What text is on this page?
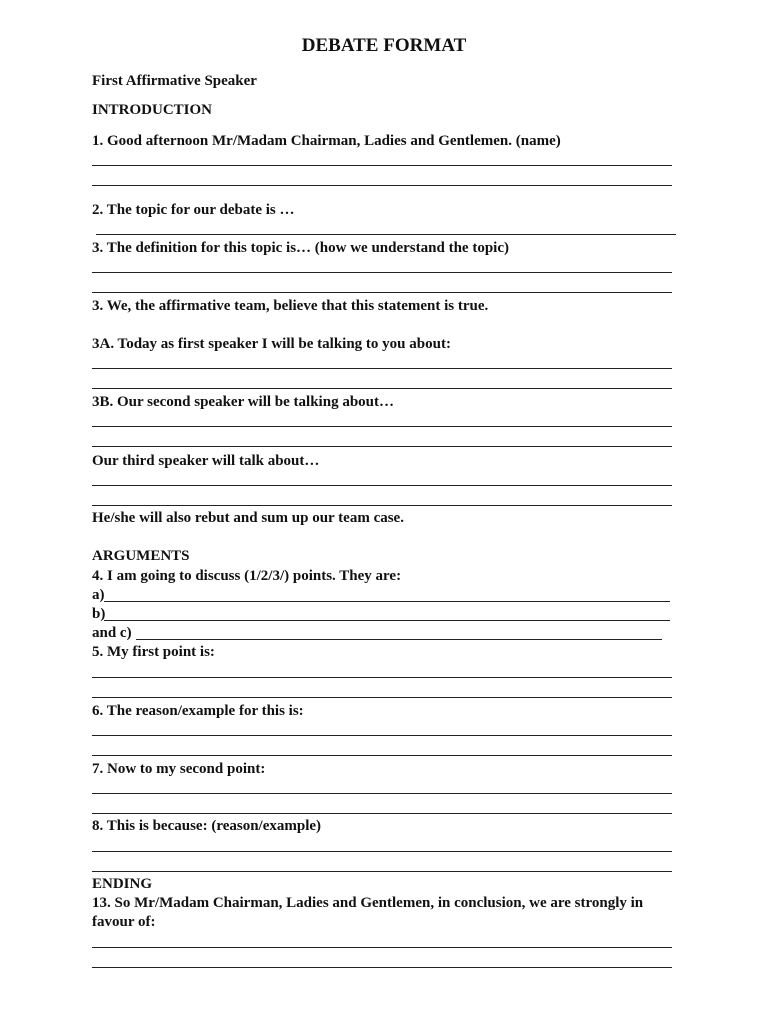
DEBATE FORMAT
First Affirmative Speaker
INTRODUCTION
1. Good afternoon Mr/Madam Chairman, Ladies and Gentlemen. (name)
2. The topic for our debate is …
3. The definition for this topic is… (how we understand the topic)
3. We, the affirmative team, believe that this statement is true.
3A. Today as first speaker I will be talking to you about:
3B. Our second speaker will be talking about…
Our third speaker will talk about…
He/she will also rebut and sum up our team case.
ARGUMENTS
4. I am going to discuss (1/2/3/) points. They are:
a)
b)
and c)
5. My first point is:
6. The reason/example for this is:
7. Now to my second point:
8. This is because: (reason/example)
ENDING
13. So Mr/Madam Chairman, Ladies and Gentlemen, in conclusion, we are strongly in
favour of:
